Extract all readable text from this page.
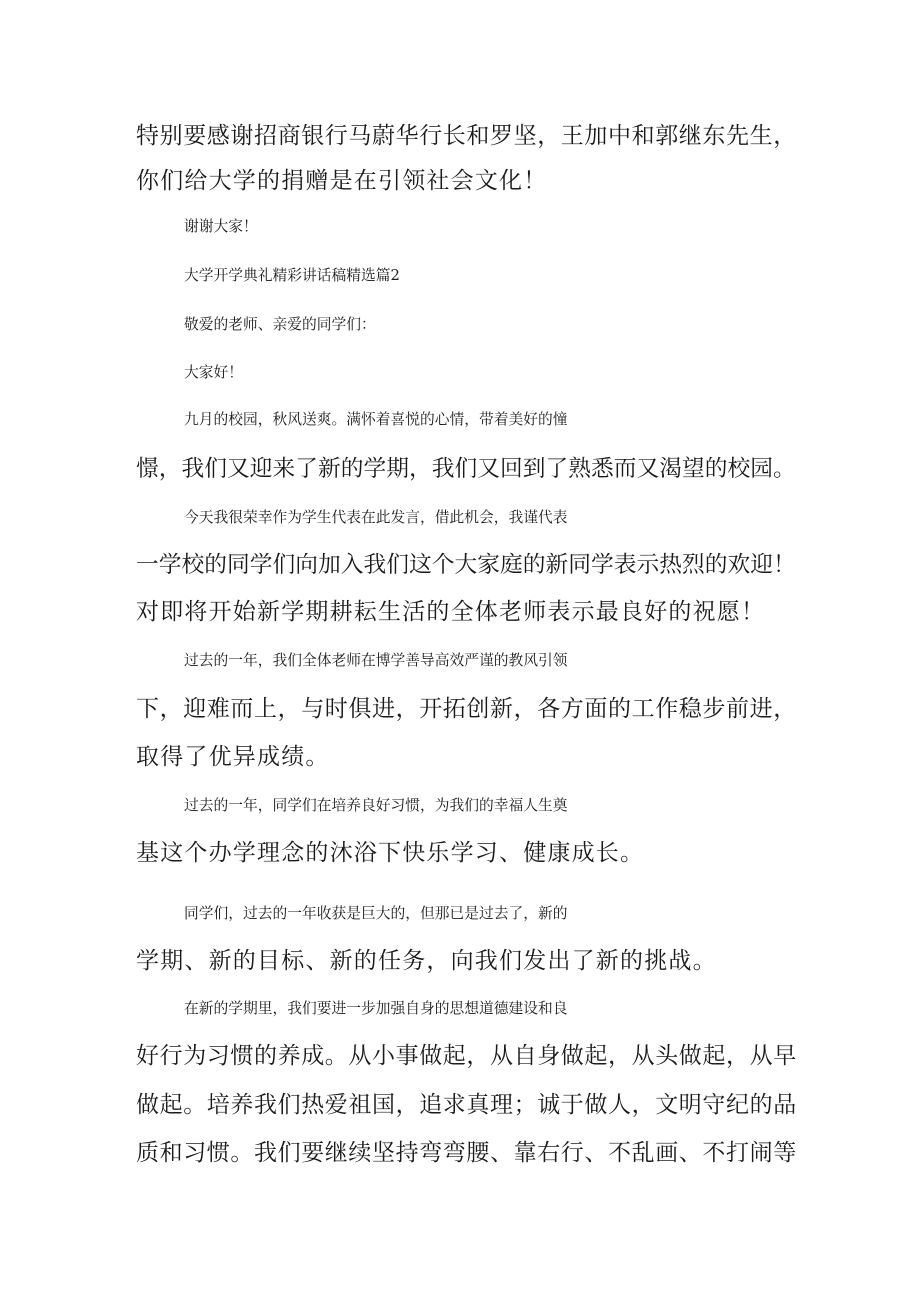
特别要感谢招商银行马蔚华行长和罗坚，王加中和郭继东先生，
你们给大学的捐赠是在引领社会文化！
谢谢大家！
大学开学典礼精彩讲话稿精选篇2
敬爱的老师、亲爱的同学们：
大家好！
九月的校园，秋风送爽。满怀着喜悦的心情，带着美好的憧
憬，我们又迎来了新的学期，我们又回到了熟悉而又渴望的校园。
今天我很荣幸作为学生代表在此发言，借此机会，我谨代表
一学校的同学们向加入我们这个大家庭的新同学表示热烈的欢迎！
对即将开始新学期耕耘生活的全体老师表示最良好的祝愿！
过去的一年，我们全体老师在博学善导高效严谨的教风引领
下，迎难而上，与时俱进，开拓创新，各方面的工作稳步前进，
取得了优异成绩。
过去的一年，同学们在培养良好习惯，为我们的幸福人生奠
基这个办学理念的沐浴下快乐学习、健康成长。
同学们，过去的一年收获是巨大的，但那已是过去了，新的
学期、新的目标、新的任务，向我们发出了新的挑战。
在新的学期里，我们要进一步加强自身的思想道德建设和良
好行为习惯的养成。从小事做起，从自身做起，从头做起，从早
做起。培养我们热爱祖国，追求真理；诚于做人，文明守纪的品
质和习惯。我们要继续坚持弯弯腰、靠右行、不乱画、不打闹等
